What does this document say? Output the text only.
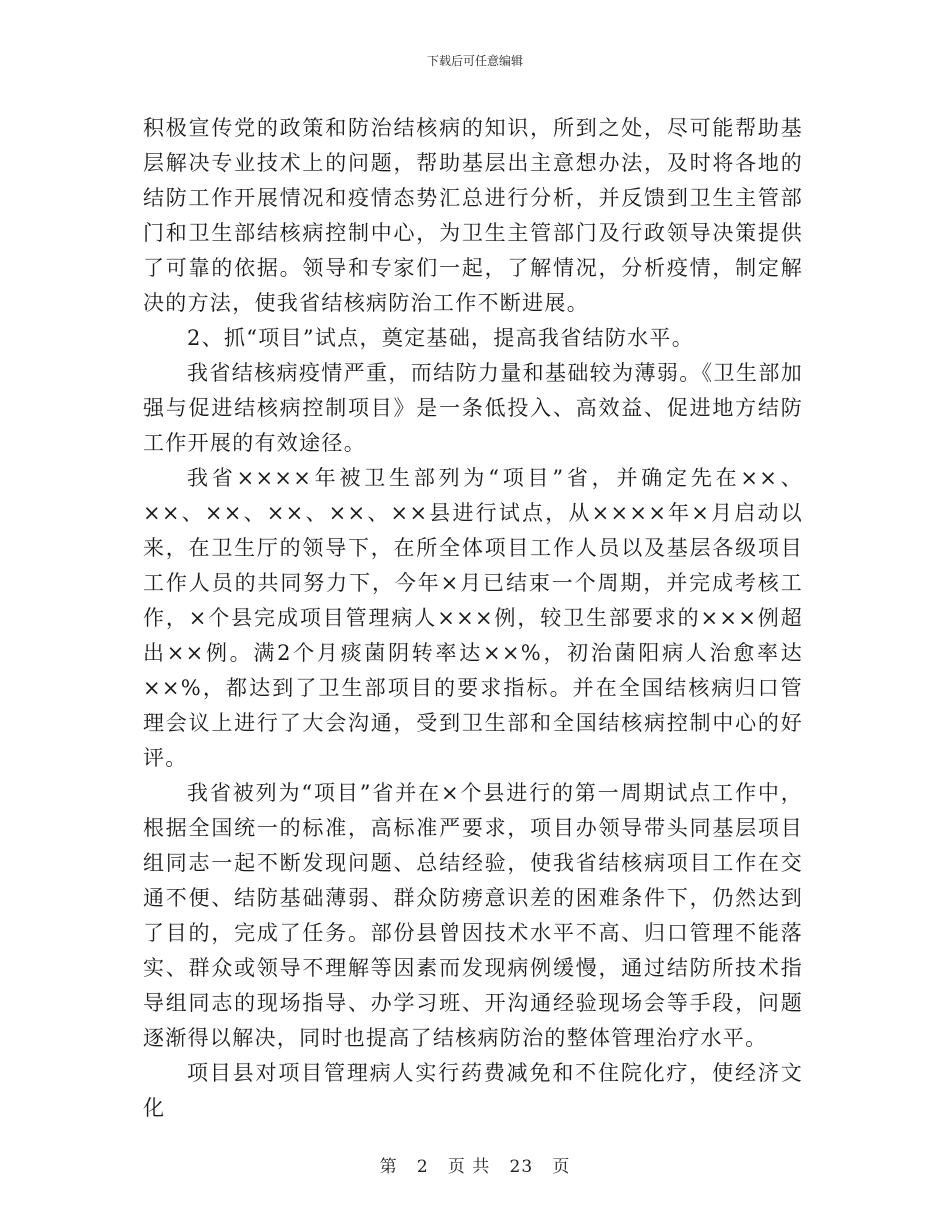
下载后可任意编辑

积极宣传党的政策和防治结核病的知识，所到之处，尽可能帮助基层解决专业技术上的问题，帮助基层出主意想办法，及时将各地的结防工作开展情况和疫情态势汇总进行分析，并反馈到卫生主管部门和卫生部结核病控制中心，为卫生主管部门及行政领导决策提供了可靠的依据。领导和专家们一起，了解情况，分析疫情，制定解决的方法，使我省结核病防治工作不断进展。

2、抓“项目”试点，奠定基础，提高我省结防水平。

我省结核病疫情严重，而结防力量和基础较为薄弱。《卫生部加强与促进结核病控制项目》是一条低投入、高效益、促进地方结防工作开展的有效途径。

我省××××年被卫生部列为“项目”省，并确定先在××、××、××、××、××、××县进行试点，从××××年×月启动以来，在卫生厅的领导下，在所全体项目工作人员以及基层各级项目工作人员的共同努力下，今年×月已结束一个周期，并完成考核工作，×个县完成项目管理病人×××例，较卫生部要求的×××例超出××例。满2个月痰菌阴转率达××%，初治菌阳病人治愈率达××%，都达到了卫生部项目的要求指标。并在全国结核病归口管理会议上进行了大会沟通，受到卫生部和全国结核病控制中心的好评。

我省被列为“项目”省并在×个县进行的第一周期试点工作中，根据全国统一的标准，高标准严要求，项目办领导带头同基层项目组同志一起不断发现问题、总结经验，使我省结核病项目工作在交通不便、结防基础薄弱、群众防痨意识差的困难条件下，仍然达到了目的，完成了任务。部份县曾因技术水平不高、归口管理不能落实、群众或领导不理解等因素而发现病例缓慢，通过结防所技术指导组同志的现场指导、办学习班、开沟通经验现场会等手段，问题逐渐得以解决，同时也提高了结核病防治的整体管理治疗水平。

项目县对项目管理病人实行药费减免和不住院化疗，使经济文化

第 2 页 共 23 页
